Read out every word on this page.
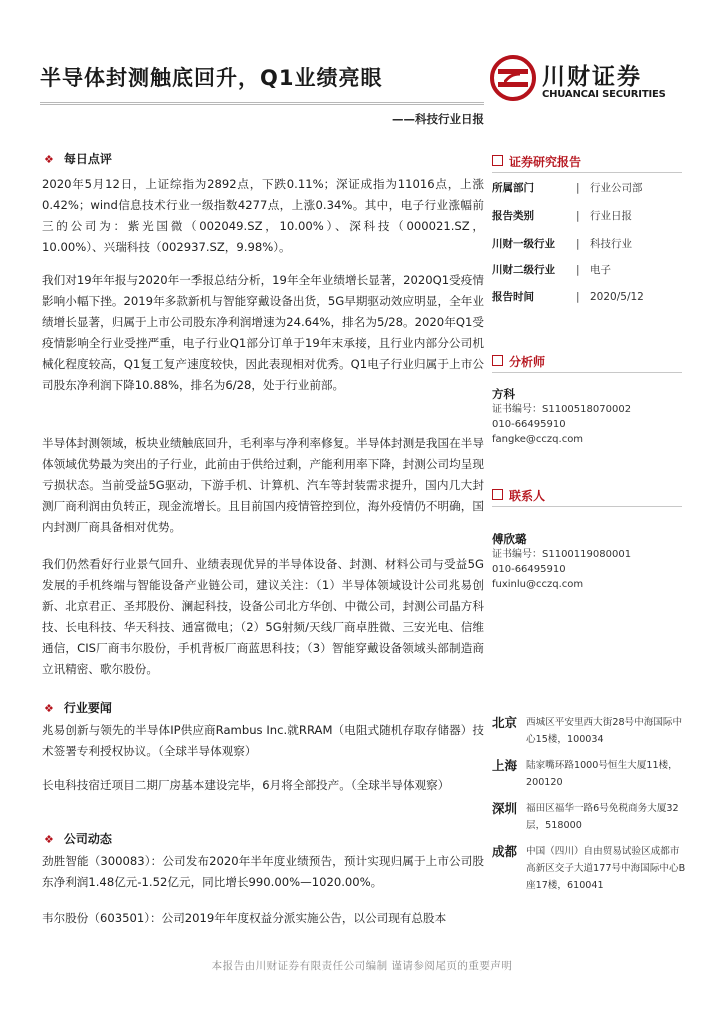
半导体封测触底回升，Q1业绩亮眼
——科技行业日报
川财证券
CHUANCAI SECURITIES
❖ 每日点评
2020年5月12日，上证综指为2892点，下跌0.11%；深证成指为11016点，上涨0.42%；wind信息技术行业一级指数4277点，上涨0.34%。其中，电子行业涨幅前三的公司为：紫光国微（002049.SZ，10.00%）、深科技（000021.SZ，10.00%）、兴瑞科技（002937.SZ，9.98%）。
我们对19年年报与2020年一季报总结分析，19年全年业绩增长显著，2020Q1受疫情影响小幅下挫。2019年多款新机与智能穿戴设备出货，5G早期驱动效应明显，全年业绩增长显著，归属于上市公司股东净利润增速为24.64%，排名为5/28。2020年Q1受疫情影响全行业受挫严重，电子行业Q1部分订单于19年末承接，且行业内部分公司机械化程度较高，Q1复工复产速度较快，因此表现相对优秀。Q1电子行业归属于上市公司股东净利润下降10.88%，排名为6/28，处于行业前部。
半导体封测领域，板块业绩触底回升，毛利率与净利率修复。半导体封测是我国在半导体领域优势最为突出的子行业，此前由于供给过剩，产能利用率下降，封测公司均呈现亏损状态。当前受益5G驱动，下游手机、计算机、汽车等封装需求提升，国内几大封测厂商利润由负转正，现金流增长。且目前国内疫情管控到位，海外疫情仍不明确，国内封测厂商具备相对优势。
我们仍然看好行业景气回升、业绩表现优异的半导体设备、封测、材料公司与受益5G发展的手机终端与智能设备产业链公司，建议关注：（1）半导体领域设计公司兆易创新、北京君正、圣邦股份、澜起科技，设备公司北方华创、中微公司，封测公司晶方科技、长电科技、华天科技、通富微电；（2）5G射频/天线厂商卓胜微、三安光电、信维通信，CIS厂商韦尔股份，手机背板厂商蓝思科技；（3）智能穿戴设备领域头部制造商立讯精密、歌尔股份。
❖ 行业要闻
兆易创新与领先的半导体IP供应商Rambus Inc.就RRAM（电阻式随机存取存储器）技术签署专利授权协议。（全球半导体观察）
长电科技宿迁项目二期厂房基本建设完毕，6月将全部投产。（全球半导体观察）
❖ 公司动态
劲胜智能（300083）：公司发布2020年半年度业绩预告，预计实现归属于上市公司股东净利润1.48亿元-1.52亿元，同比增长990.00%—1020.00%。
韦尔股份（603501）：公司2019年年度权益分派实施公告，以公司现有总股本
证券研究报告
所属部门	| 行业公司部
报告类别	| 行业日报
川财一级行业 | 科技行业
川财二级行业 | 电子
报告时间	| 2020/5/12
分析师
方科
证书编号：S1100518070002
010-66495910
fangke@cczq.com
联系人
傅欣璐
证书编号：S1100119080001
010-66495910
fuxinlu@cczq.com
北京 西城区平安里西大街28号中海国际中心15楼，100034
上海 陆家嘴环路1000号恒生大厦11楼，200120
深圳 福田区福华一路6号免税商务大厦32层，518000
成都 中国（四川）自由贸易试验区成都市高新区交子大道177号中海国际中心B座17楼，610041
本报告由川财证券有限责任公司编制 谨请参阅尾页的重要声明
